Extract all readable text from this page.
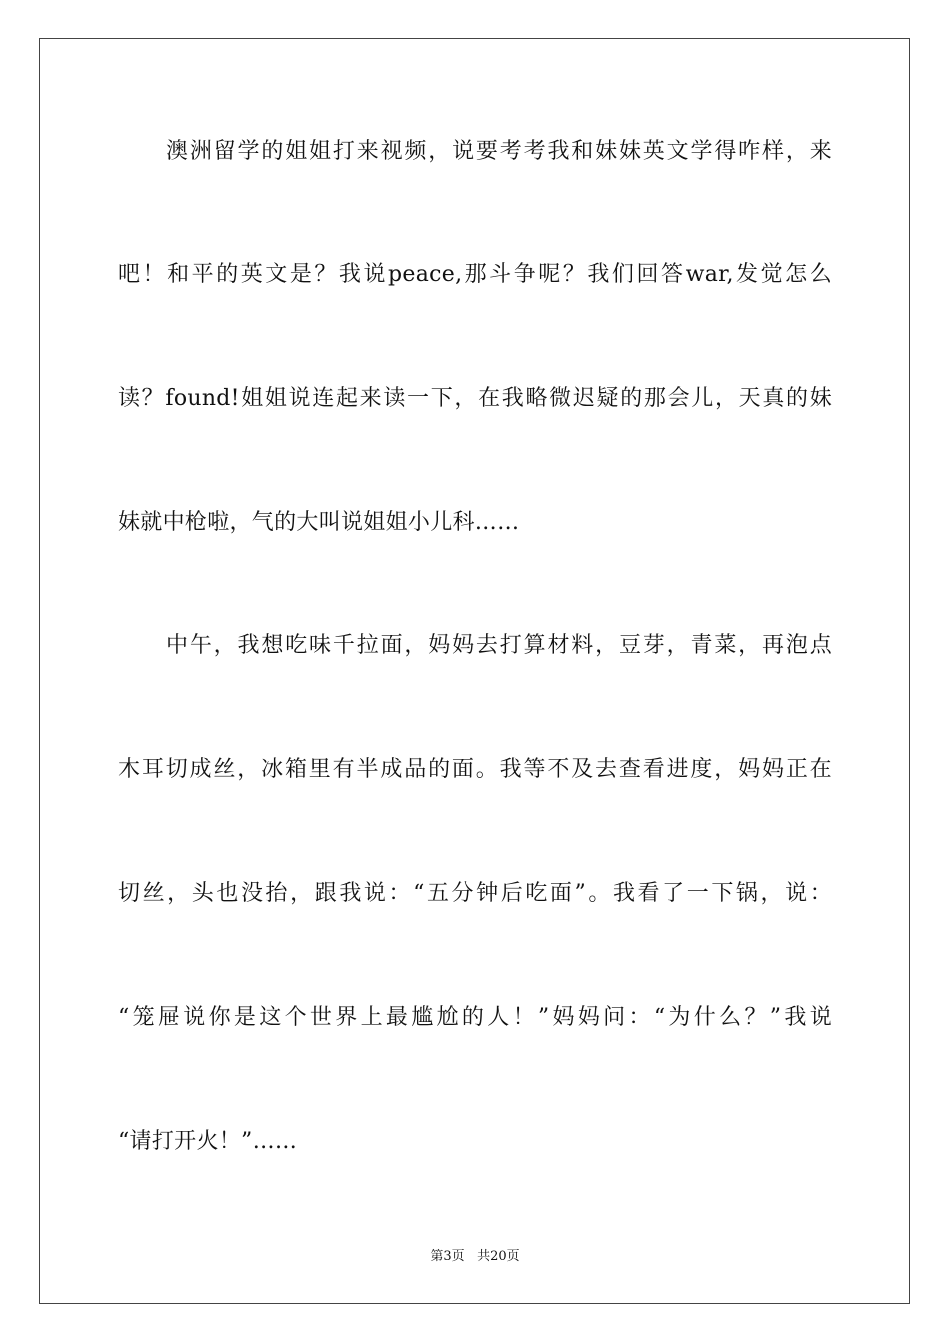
澳洲留学的姐姐打来视频，说要考考我和妹妹英文学得咋样，来
吧！和平的英文是？我说peace,那斗争呢？我们回答war,发觉怎么
读？found!姐姐说连起来读一下，在我略微迟疑的那会儿，天真的妹
妹就中枪啦，气的大叫说姐姐小儿科……
中午，我想吃味千拉面，妈妈去打算材料，豆芽，青菜，再泡点
木耳切成丝，冰箱里有半成品的面。我等不及去查看进度，妈妈正在
切丝，头也没抬，跟我说：“五分钟后吃面”。我看了一下锅，说：
“笼屉说你是这个世界上最尴尬的人！”妈妈问：“为什么？”我说
“请打开火！”……
第3页 共20页
